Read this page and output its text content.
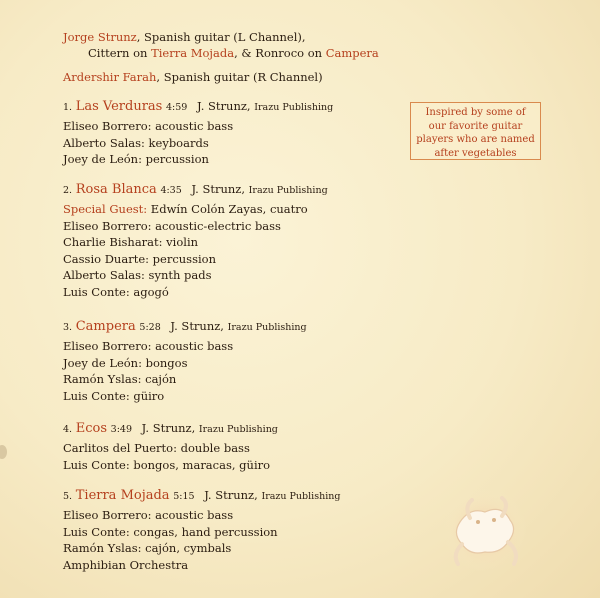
Jorge Strunz, Spanish guitar (L Channel),
Cittern on Tierra Mojada, & Ronroco on Campera
Ardershir Farah, Spanish guitar (R Channel)
Inspired by some of
our favorite guitar
players who are named
after vegetables
1. Las Verduras 4:59 J. Strunz, Irazu Publishing
Eliseo Borrero: acoustic bass
Alberto Salas: keyboards
Joey de León: percussion
2. Rosa Blanca 4:35 J. Strunz, Irazu Publishing
Special Guest: Edwín Colón Zayas, cuatro
Eliseo Borrero: acoustic-electric bass
Charlie Bisharat: violin
Cassio Duarte: percussion
Alberto Salas: synth pads
Luis Conte: agogó
3. Campera 5:28 J. Strunz, Irazu Publishing
Eliseo Borrero: acoustic bass
Joey de León: bongos
Ramón Yslas: cajón
Luis Conte: güiro
4. Ecos 3:49 J. Strunz, Irazu Publishing
Carlitos del Puerto: double bass
Luis Conte: bongos, maracas, güiro
5. Tierra Mojada 5:15 J. Strunz, Irazu Publishing
Eliseo Borrero: acoustic bass
Luis Conte: congas, hand percussion
Ramón Yslas: cajón, cymbals
Amphibian Orchestra
